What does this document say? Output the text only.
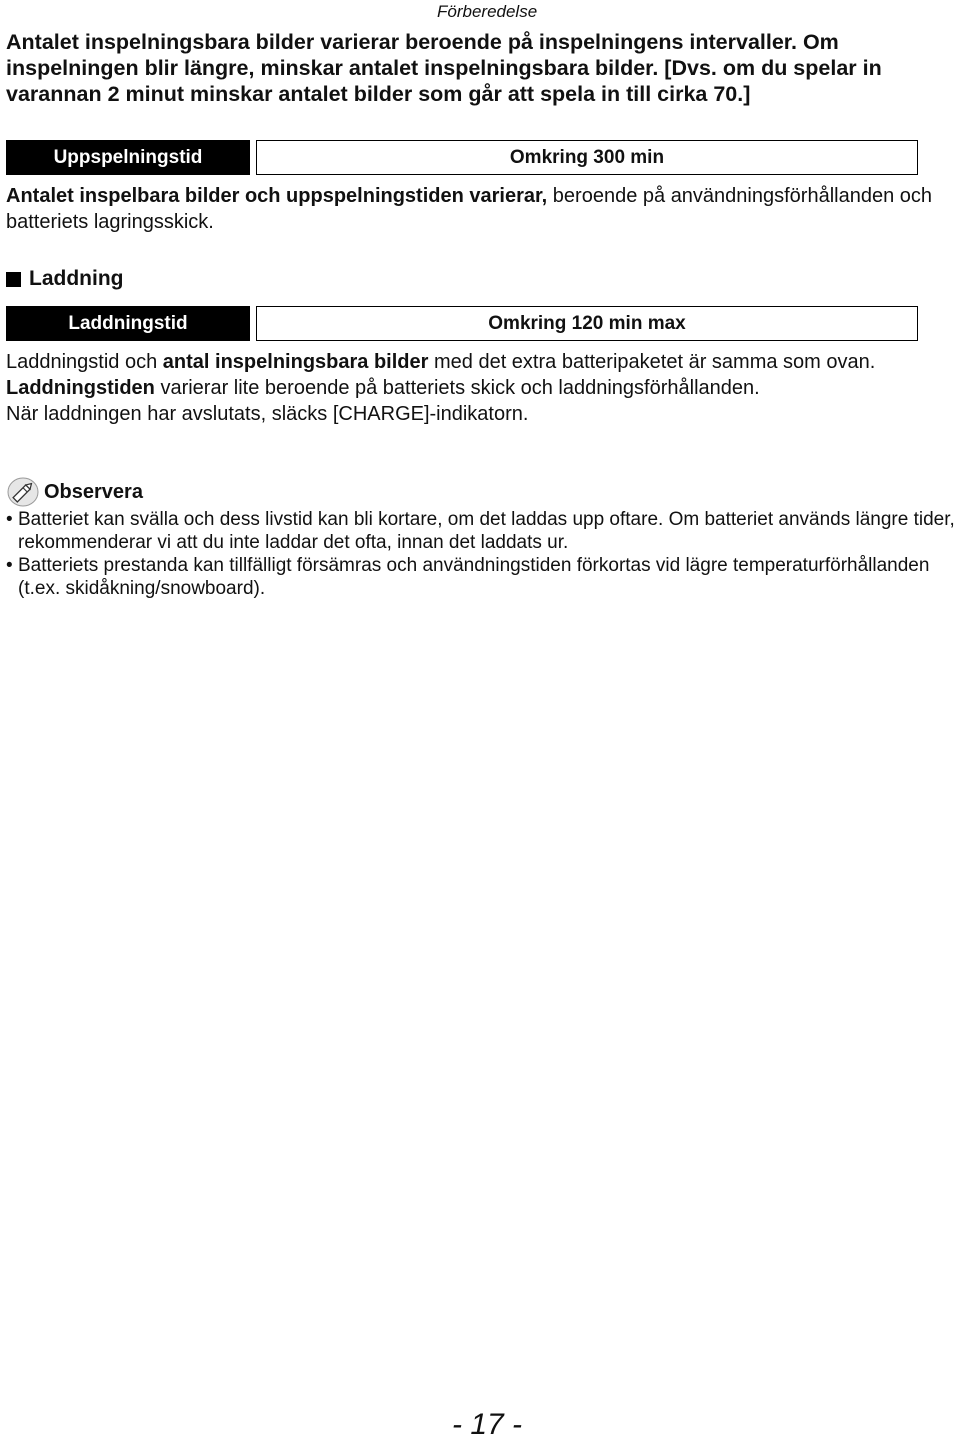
Förberedelse
Antalet inspelningsbara bilder varierar beroende på inspelningens intervaller. Om inspelningen blir längre, minskar antalet inspelningsbara bilder. [Dvs. om du spelar in varannan 2 minut minskar antalet bilder som går att spela in till cirka 70.]
Uppspelningstid	Omkring 300 min
Antalet inspelbara bilder och uppspelningstiden varierar, beroende på användningsförhållanden och batteriets lagringsskick.
Laddning
Laddningstid	Omkring 120 min max
Laddningstid och antal inspelningsbara bilder med det extra batteripaketet är samma som ovan.
Laddningstiden varierar lite beroende på batteriets skick och laddningsförhållanden.
När laddningen har avslutats, släcks [CHARGE]-indikatorn.
Observera
• Batteriet kan svälla och dess livstid kan bli kortare, om det laddas upp oftare. Om batteriet används längre tider, rekommenderar vi att du inte laddar det ofta, innan det laddats ur.
• Batteriets prestanda kan tillfälligt försämras och användningstiden förkortas vid lägre temperaturförhållanden (t.ex. skidåkning/snowboard).
- 17 -
